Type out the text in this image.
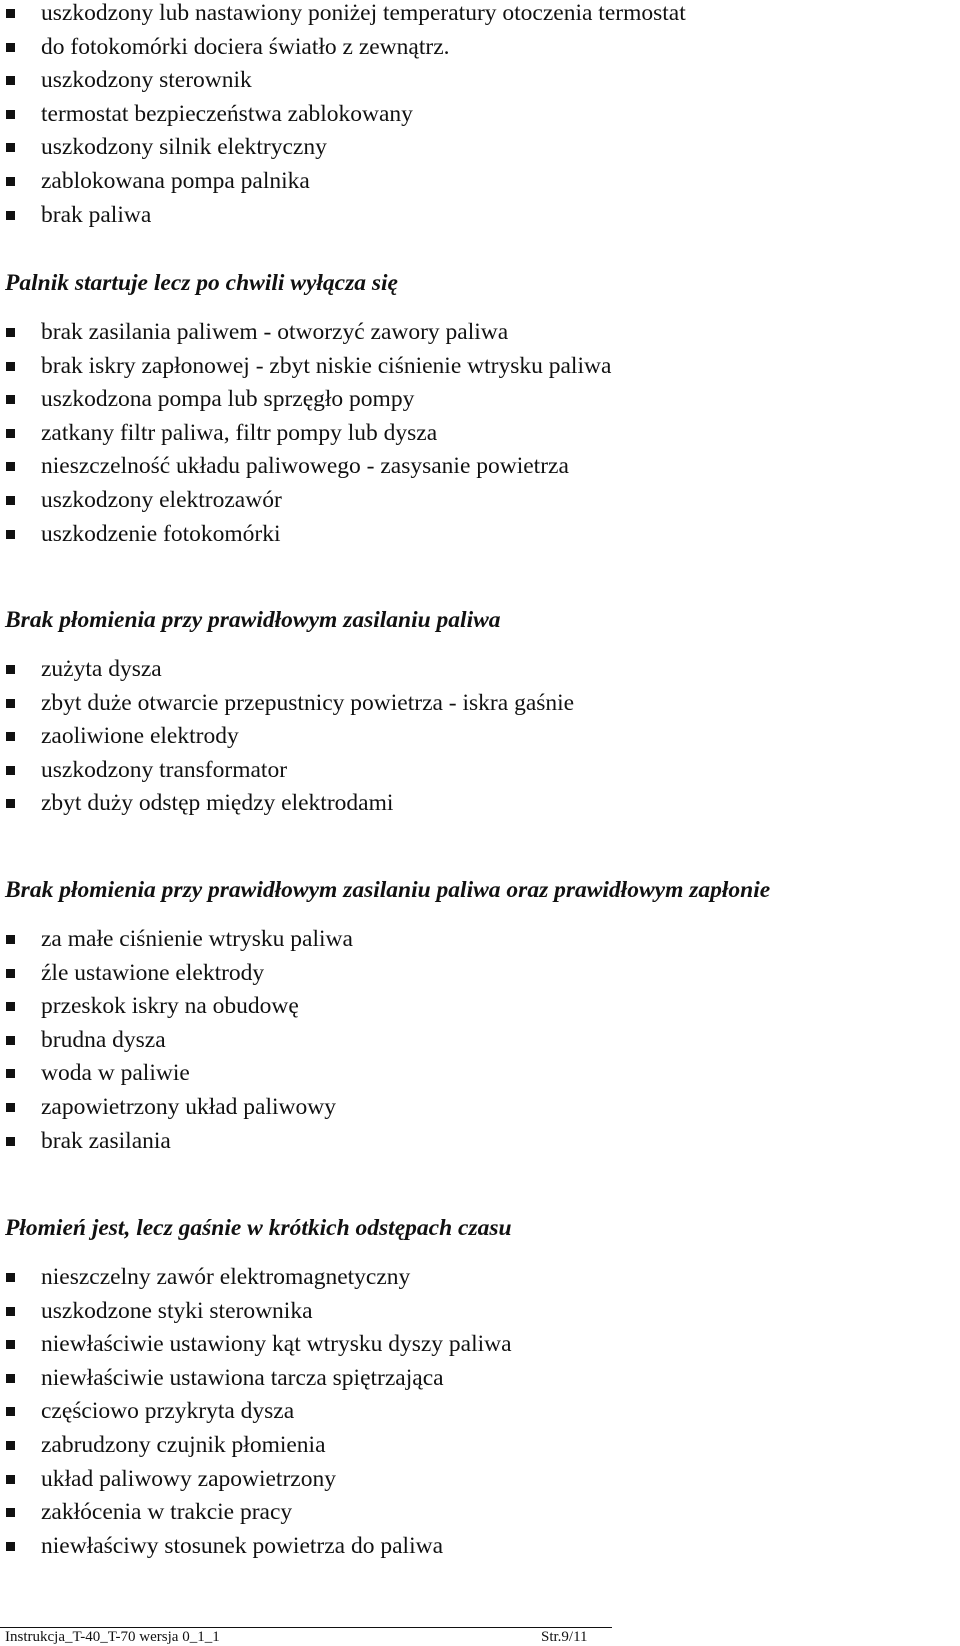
uszkodzony lub nastawiony poniżej temperatury otoczenia termostat
do fotokomórki dociera światło z zewnątrz.
uszkodzony sterownik
termostat bezpieczeństwa zablokowany
uszkodzony silnik elektryczny
zablokowana pompa palnika
brak paliwa
Palnik startuje lecz po chwili wyłącza się
brak zasilania paliwem - otworzyć zawory paliwa
brak iskry zapłonowej - zbyt niskie ciśnienie wtrysku paliwa
uszkodzona pompa lub sprzęgło pompy
zatkany filtr paliwa, filtr pompy lub dysza
nieszczelność układu paliwowego - zasysanie powietrza
uszkodzony elektrozawór
uszkodzenie fotokomórki
Brak płomienia przy prawidłowym zasilaniu paliwa
zużyta dysza
zbyt duże otwarcie przepustnicy powietrza - iskra gaśnie
zaoliwione elektrody
uszkodzony transformator
zbyt duży odstęp między elektrodami
Brak płomienia przy prawidłowym zasilaniu paliwa oraz prawidłowym zapłonie
za małe ciśnienie wtrysku paliwa
źle ustawione elektrody
przeskok iskry na obudowę
brudna dysza
woda w paliwie
zapowietrzony układ paliwowy
brak zasilania
Płomień jest, lecz gaśnie w krótkich odstępach czasu
nieszczelny zawór elektromagnetyczny
uszkodzone styki sterownika
niewłaściwie ustawiony kąt wtrysku dyszy paliwa
niewłaściwie ustawiona tarcza spiętrzająca
częściowo przykryta dysza
zabrudzony czujnik płomienia
układ paliwowy zapowietrzony
zakłócenia w trakcie pracy
niewłaściwy stosunek powietrza do paliwa
Instrukcja_T-40_T-70 wersja 0_1_1	Str.9/11
